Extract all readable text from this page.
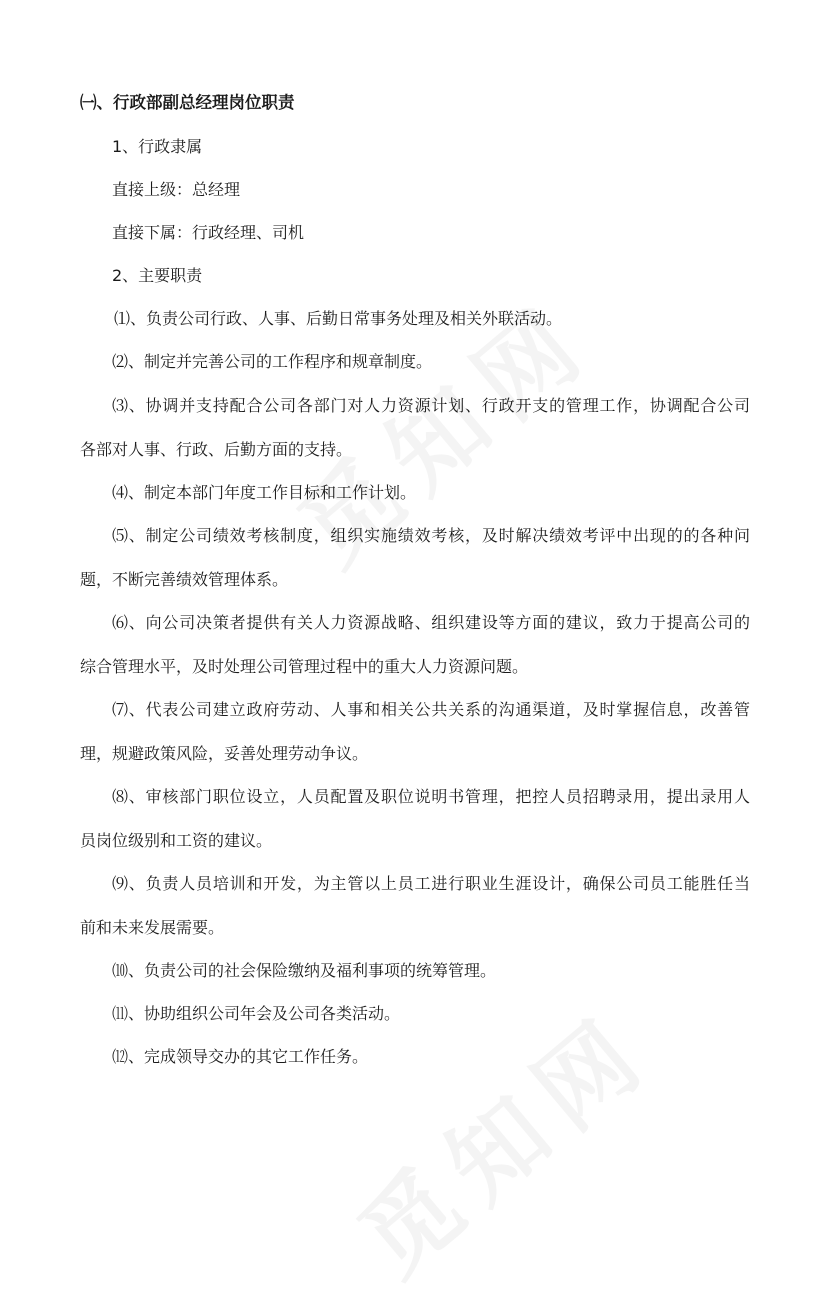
㈠、行政部副总经理岗位职责
1、行政隶属
直接上级：总经理
直接下属：行政经理、司机
2、主要职责
⑴、负责公司行政、人事、后勤日常事务处理及相关外联活动。
⑵、制定并完善公司的工作程序和规章制度。
⑶、协调并支持配合公司各部门对人力资源计划、行政开支的管理工作，协调配合公司
各部对人事、行政、后勤方面的支持。
⑷、制定本部门年度工作目标和工作计划。
⑸、制定公司绩效考核制度，组织实施绩效考核，及时解决绩效考评中出现的的各种问
题，不断完善绩效管理体系。
⑹、向公司决策者提供有关人力资源战略、组织建设等方面的建议，致力于提高公司的
综合管理水平，及时处理公司管理过程中的重大人力资源问题。
⑺、代表公司建立政府劳动、人事和相关公共关系的沟通渠道，及时掌握信息，改善管
理，规避政策风险，妥善处理劳动争议。
⑻、审核部门职位设立，人员配置及职位说明书管理，把控人员招聘录用，提出录用人
员岗位级别和工资的建议。
⑼、负责人员培训和开发，为主管以上员工进行职业生涯设计，确保公司员工能胜任当
前和未来发展需要。
⑽、负责公司的社会保险缴纳及福利事项的统筹管理。
⑾、协助组织公司年会及公司各类活动。
⑿、完成领导交办的其它工作任务。
